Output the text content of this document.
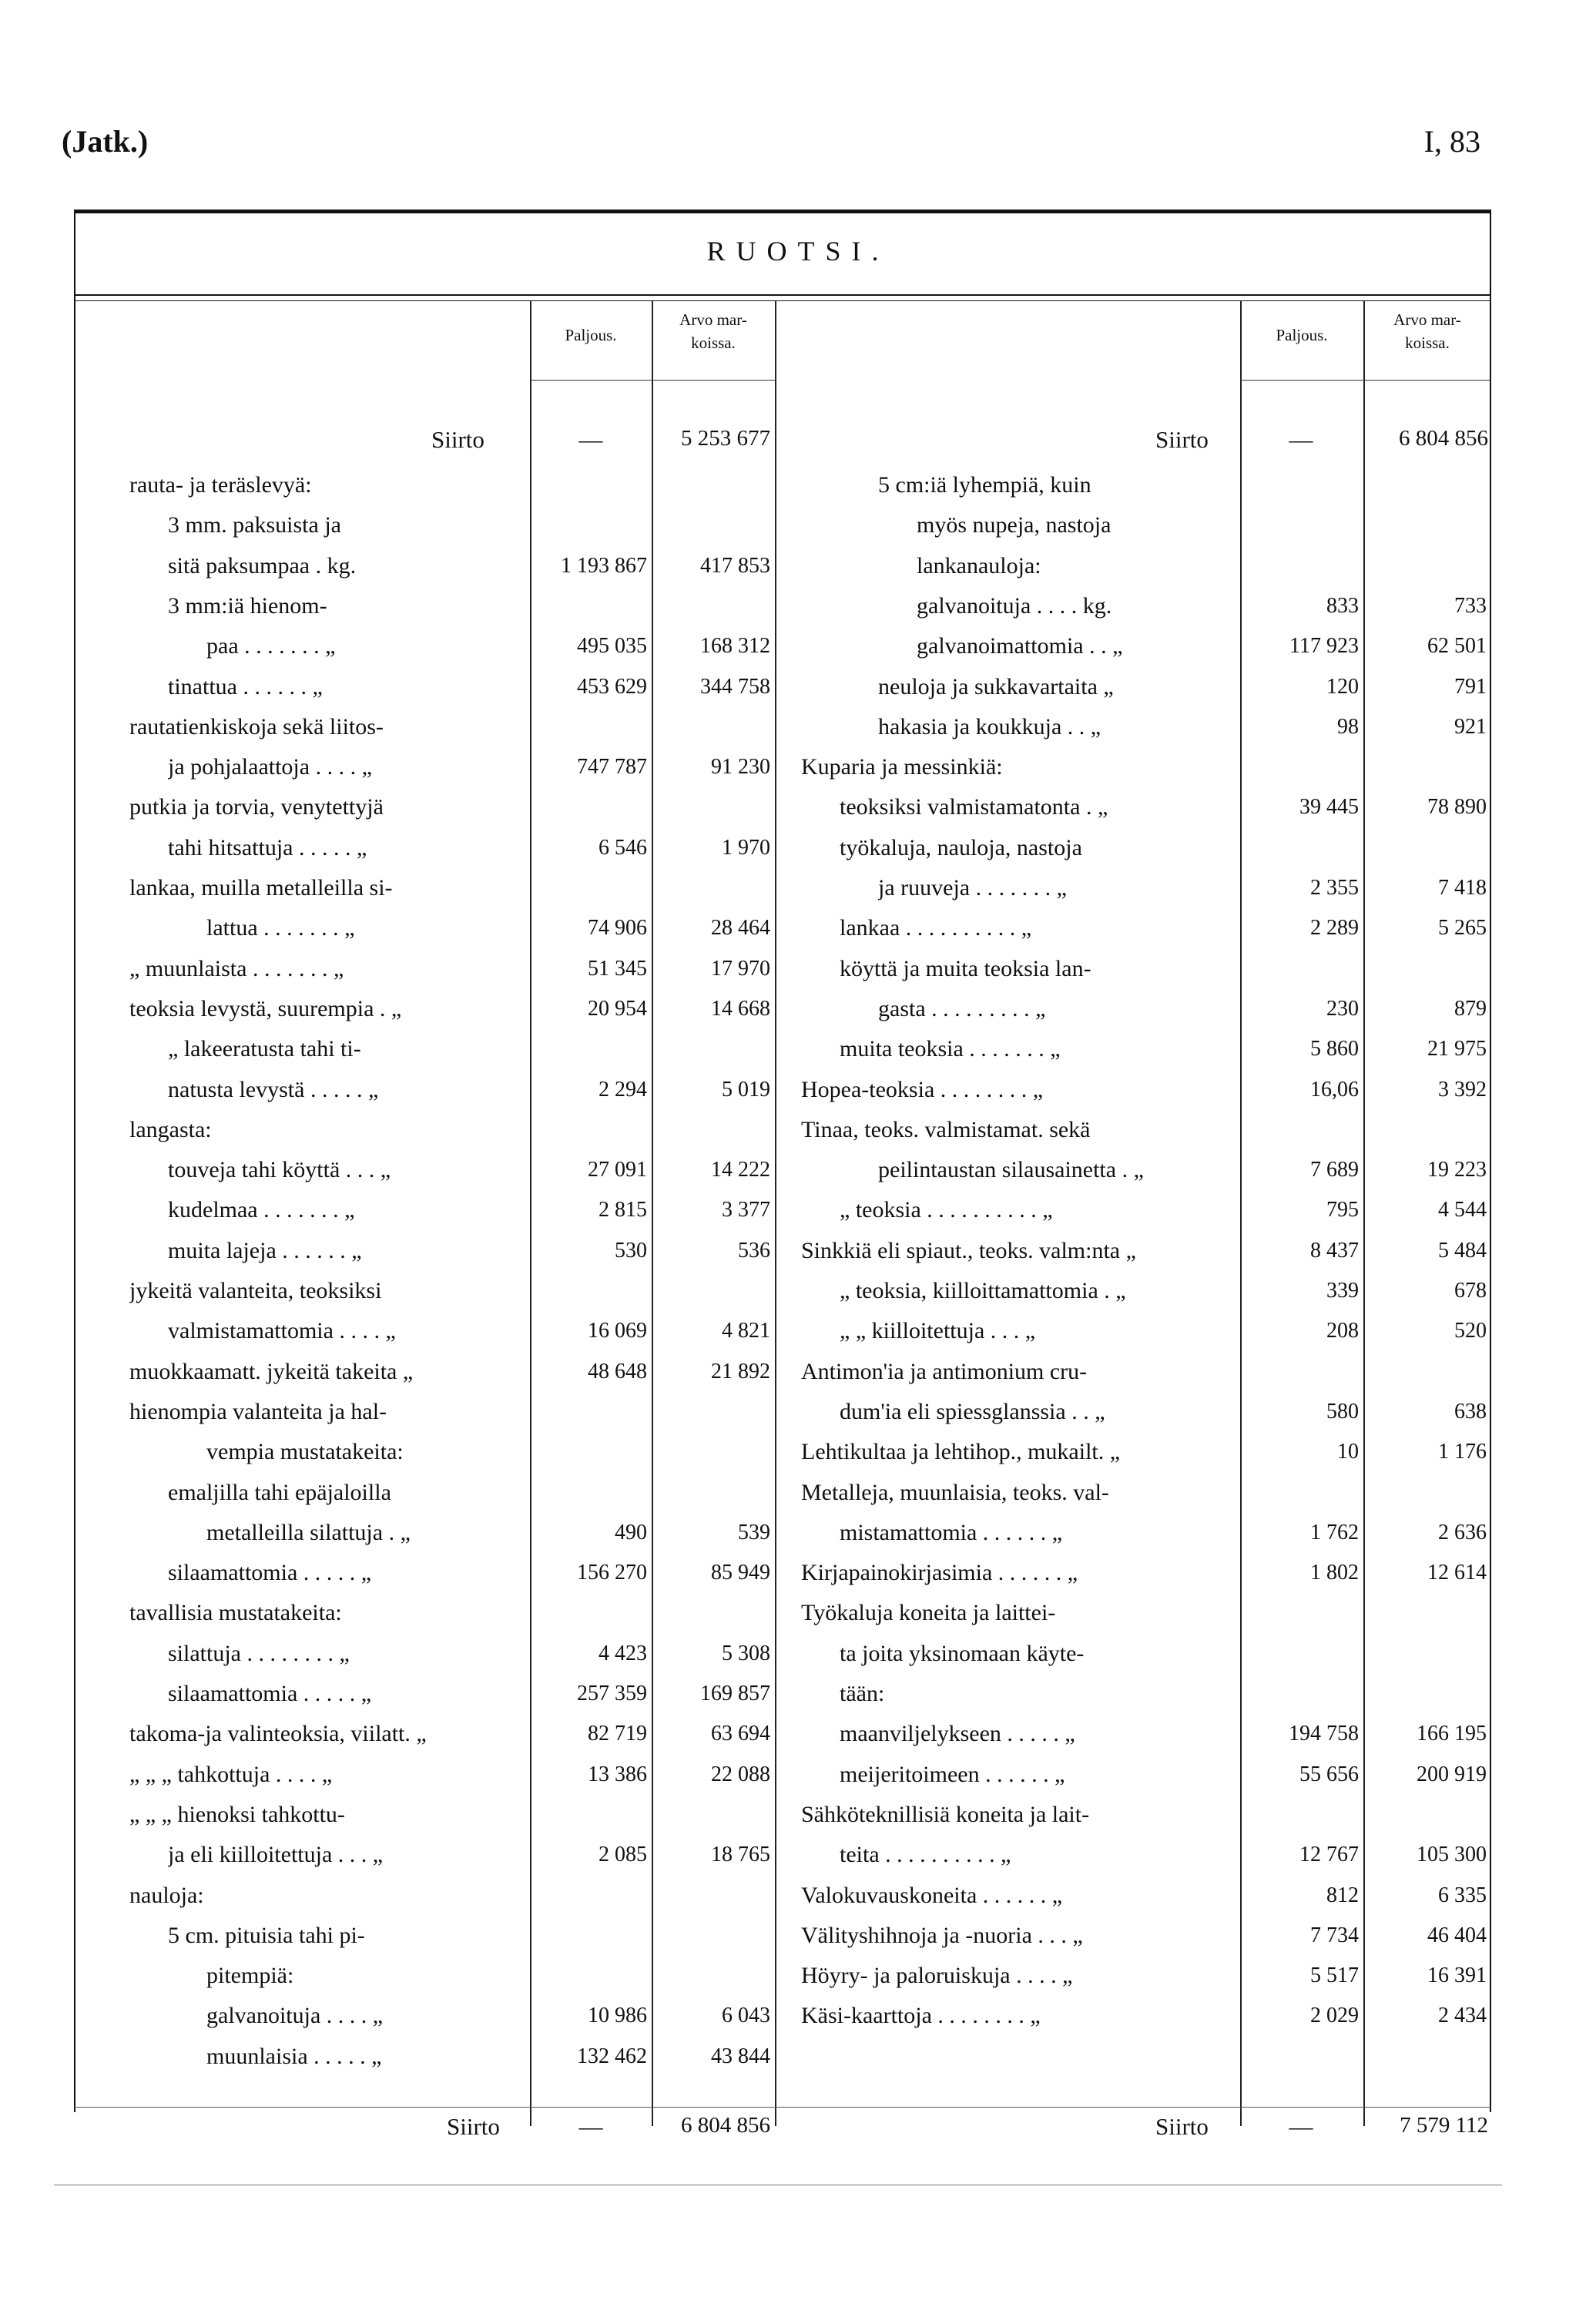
(Jatk.)	I, 83
RUOTSI.
Paljous.
Arvo mar-
koissa.	Paljous.
Arvo mar-
koissa.
Siirto	—	5 253 677	Siirto	—	6 804 856
rauta- ja teräslevyä:
3 mm. paksuista ja
sitä paksumpaa . kg.	1 193 867	417 853
3 mm:iä hienom-
paa . . . . . . . „	495 035	168 312
tinattua . . . . . . „	453 629	344 758
rautatienkiskoja sekä liitos-
ja pohjalaattoja . . . . „	747 787	91 230
putkia ja torvia, venytettyjä
tahi hitsattuja . . . . . „	6 546	1 970
lankaa, muilla metalleilla si-
lattua . . . . . . . „	74 906	28 464
„ muunlaista . . . . . . . „	51 345	17 970
teoksia levystä, suurempia . „	20 954	14 668
„ lakeeratusta tahi ti-
natusta levystä . . . . . „	2 294	5 019
langasta:
touveja tahi köyttä . . . „	27 091	14 222
kudelmaa . . . . . . . „	2 815	3 377
muita lajeja . . . . . . „	530	536
jykeitä valanteita, teoksiksi
valmistamattomia . . . . „	16 069	4 821
muokkaamatt. jykeitä takeita „	48 648	21 892
hienompia valanteita ja hal-
vempia mustatakeita:
emaljilla tahi epäjaloilla
metalleilla silattuja . „	490	539
silaamattomia . . . . . „	156 270	85 949
tavallisia mustatakeita:
silattuja . . . . . . . . „	4 423	5 308
silaamattomia . . . . . „	257 359	169 857
takoma-ja valinteoksia, viilatt. „	82 719	63 694
„ „ „ tahkottuja . . . . „	13 386	22 088
„ „ „ hienoksi tahkottu-
ja eli kiilloitettuja . . . „	2 085	18 765
nauloja:
5 cm. pituisia tahi pi-
pitempiä:
galvanoituja . . . . „	10 986	6 043
muunlaisia . . . . . „	132 462	43 844
5 cm:iä lyhempiä, kuin
myös nupeja, nastoja
lankanauloja:
galvanoituja . . . . kg.	833	733
galvanoimattomia . . „	117 923	62 501
neuloja ja sukkavartaita „	120	791
hakasia ja koukkuja . . „	98	921
Kuparia ja messinkiä:
teoksiksi valmistamatonta . „	39 445	78 890
työkaluja, nauloja, nastoja
ja ruuveja . . . . . . . „	2 355	7 418
lankaa . . . . . . . . . . „	2 289	5 265
köyttä ja muita teoksia lan-
gasta . . . . . . . . . „	230	879
muita teoksia . . . . . . . „	5 860	21 975
Hopea-teoksia . . . . . . . . „	16,06	3 392
Tinaa, teoks. valmistamat. sekä
peilintaustan silausainetta . „	7 689	19 223
„ teoksia . . . . . . . . . . „	795	4 544
Sinkkiä eli spiaut., teoks. valm:nta „	8 437	5 484
„ teoksia, kiilloittamattomia . „	339	678
„ „ kiilloitettuja . . . „	208	520
Antimon'ia ja antimonium cru-
dum'ia eli spiessglanssia . . „	580	638
Lehtikultaa ja lehtihop., mukailt. „	10	1 176
Metalleja, muunlaisia, teoks. val-
mistamattomia . . . . . . „	1 762	2 636
Kirjapainokirjasimia . . . . . . „	1 802	12 614
Työkaluja koneita ja laittei-
ta joita yksinomaan käyte-
tään:
maanviljelykseen . . . . . „	194 758	166 195
meijeritoimeen . . . . . . „	55 656	200 919
Sähköteknillisiä koneita ja lait-
teita . . . . . . . . . . „	12 767	105 300
Valokuvauskoneita . . . . . . „	812	6 335
Välityshihnoja ja -nuoria . . . „	7 734	46 404
Höyry- ja paloruiskuja . . . . „	5 517	16 391
Käsi-kaarttoja . . . . . . . . „	2 029	2 434
Siirto	—	6 804 856	Siirto	—	7 579 112
